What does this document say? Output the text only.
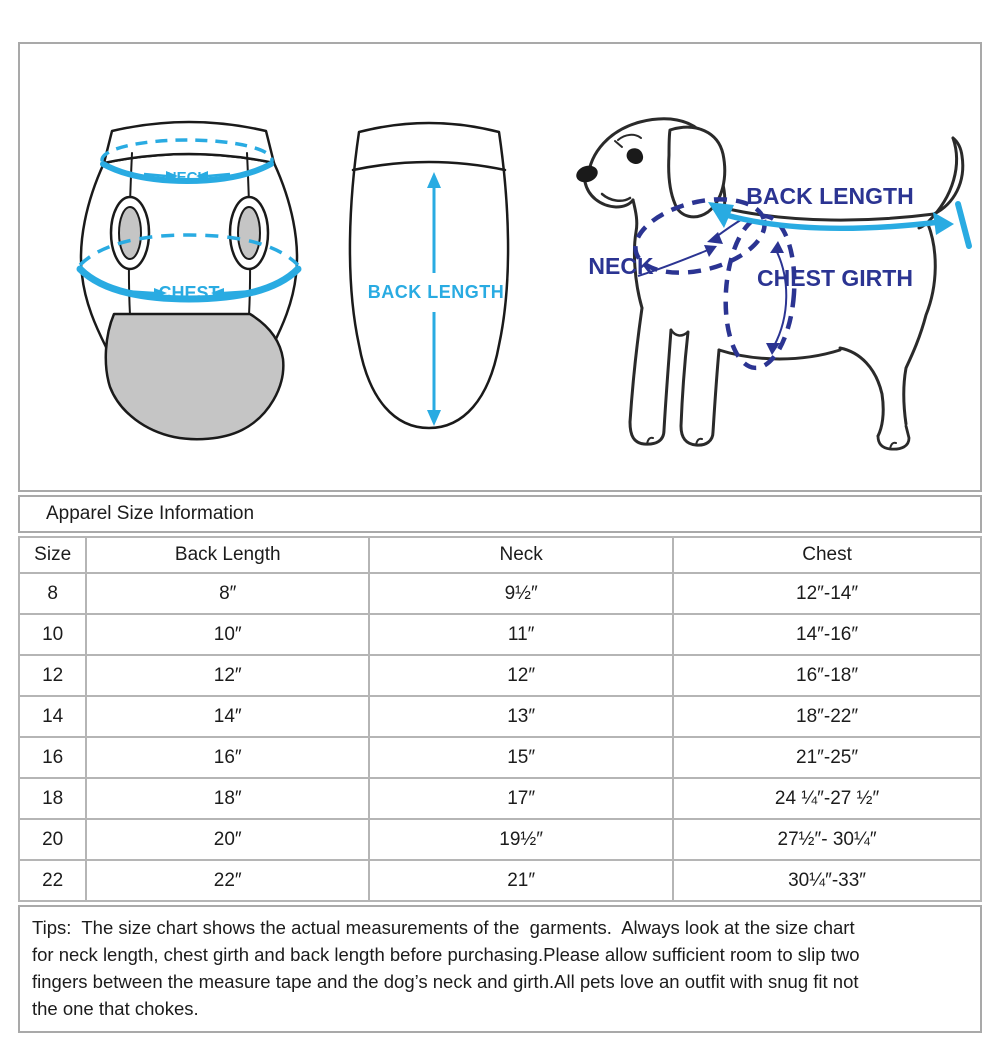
NECK
CHEST	BACK LENGTH
BACK LENGTH
NECK	CHEST GIRTH
Apparel Size Information
Size	Back Length	Neck	Chest
8	8″	9½″	12″-14″
10	10″	11″	14″-16″
12	12″	12″	16″-18″
14	14″	13″	18″-22″
16	16″	15″	21″-25″
18	18″	17″	24 ¼″-27 ½″
20	20″	19½″	27½″- 30¼″
22	22″	21″	30¼″-33″
Tips:  The size chart shows the actual measurements of the  garments.  Always look at the size chart
for neck length, chest girth and back length before purchasing.Please allow sufficient room to slip two
fingers between the measure tape and the dog’s neck and girth.All pets love an outfit with snug fit not
the one that chokes.
